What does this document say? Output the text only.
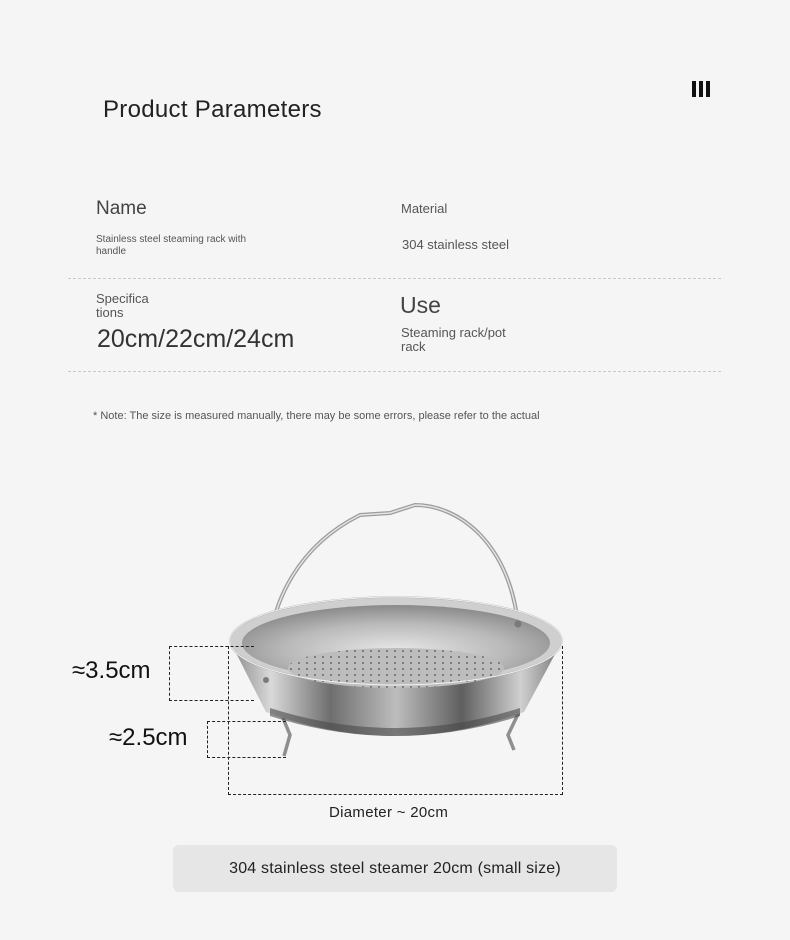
Product Parameters
Name
Stainless steel steaming rack with handle
Material
304 stainless steel
Specifica
tions
20cm/22cm/24cm
Use
Steaming rack/pot
rack
* Note: The size is measured manually, there may be some errors, please refer to the actual
≈3.5cm
≈2.5cm
Diameter ~ 20cm
304 stainless steel steamer 20cm (small size)
